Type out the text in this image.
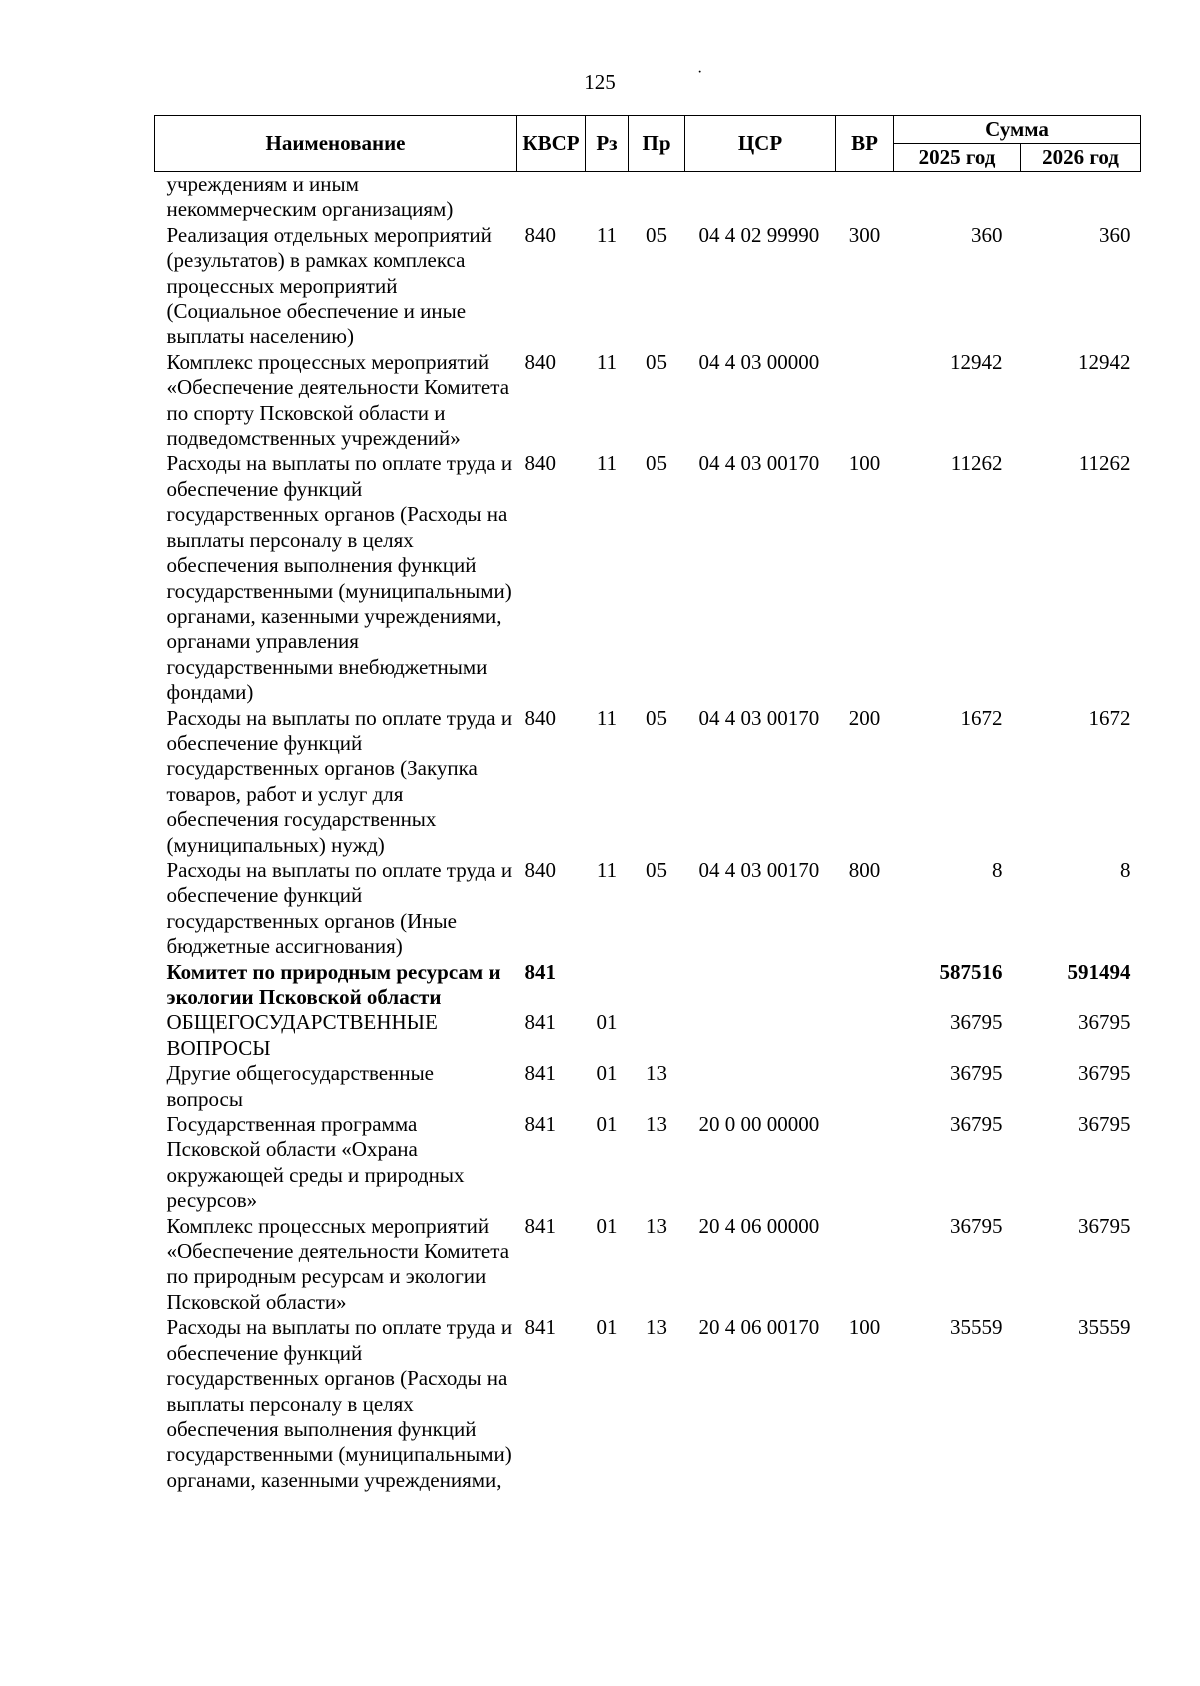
125	·
Наименование	КВСР	Рз	Пр	ЦСР	ВР	Сумма	
						2025 год	2026 год
учреждениям и иным некоммерческим организациям)							
Реализация отдельных мероприятий (результатов) в рамках комплекса процессных мероприятий (Социальное обеспечение и иные выплаты населению)	840	11	05	04 4 02 99990	300	360	360
Комплекс процессных мероприятий «Обеспечение деятельности Комитета по спорту Псковской области и подведомственных учреждений»	840	11	05	04 4 03 00000		12942	12942
Расходы на выплаты по оплате труда и обеспечение функций государственных органов (Расходы на выплаты персоналу в целях обеспечения выполнения функций государственными (муниципальными) органами, казенными учреждениями, органами управления государственными внебюджетными фондами)	840	11	05	04 4 03 00170	100	11262	11262
Расходы на выплаты по оплате труда и обеспечение функций государственных органов (Закупка товаров, работ и услуг для обеспечения государственных (муниципальных) нужд)	840	11	05	04 4 03 00170	200	1672	1672
Расходы на выплаты по оплате труда и обеспечение функций государственных органов (Иные бюджетные ассигнования)	840	11	05	04 4 03 00170	800	8	8
Комитет по природным ресурсам и экологии Псковской области	841					587516	591494
ОБЩЕГОСУДАРСТВЕННЫЕ ВОПРОСЫ	841	01				36795	36795
Другие общегосударственные вопросы	841	01	13			36795	36795
Государственная программа Псковской области «Охрана окружающей среды и природных ресурсов»	841	01	13	20 0 00 00000		36795	36795
Комплекс процессных мероприятий «Обеспечение деятельности Комитета по природным ресурсам и экологии Псковской области»	841	01	13	20 4 06 00000		36795	36795
Расходы на выплаты по оплате труда и обеспечение функций государственных органов (Расходы на выплаты персоналу в целях обеспечения выполнения функций государственными (муниципальными) органами, казенными учреждениями,	841	01	13	20 4 06 00170	100	35559	35559
